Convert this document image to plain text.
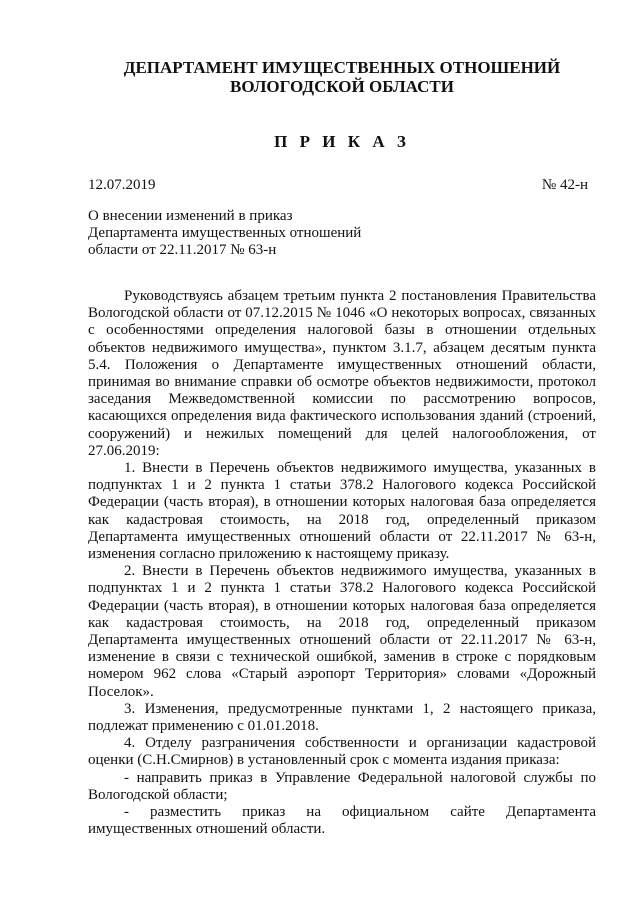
ДЕПАРТАМЕНТ ИМУЩЕСТВЕННЫХ ОТНОШЕНИЙ

ВОЛОГОДСКОЙ ОБЛАСТИ

П Р И К А З
12.07.2019	№ 42-н
О внесении изменений в приказ
Департамента имущественных отношений
области от 22.11.2017 № 63-н

Руководствуясь абзацем третьим пункта 2 постановления Правительства Вологодской области от 07.12.2015 № 1046 «О некоторых вопросах, связанных с особенностями определения налоговой базы в отношении отдельных объектов недвижимого имущества», пунктом 3.1.7, абзацем десятым пункта 5.4. Положения о Департаменте имущественных отношений области, принимая во внимание справки об осмотре объектов недвижимости, протокол заседания Межведомственной комиссии по рассмотрению вопросов, касающихся определения вида фактического использования зданий (строений, сооружений) и нежилых помещений для целей налогообложения, от 27.06.2019:

1. Внести в Перечень объектов недвижимого имущества, указанных в подпунктах 1 и 2 пункта 1 статьи 378.2 Налогового кодекса Российской Федерации (часть вторая), в отношении которых налоговая база определяется как кадастровая стоимость, на 2018 год, определенный приказом Департамента имущественных отношений области от 22.11.2017 № 63-н, изменения согласно приложению к настоящему приказу.

2. Внести в Перечень объектов недвижимого имущества, указанных в подпунктах 1 и 2 пункта 1 статьи 378.2 Налогового кодекса Российской Федерации (часть вторая), в отношении которых налоговая база определяется как кадастровая стоимость, на 2018 год, определенный приказом Департамента имущественных отношений области от 22.11.2017 № 63-н, изменение в связи с технической ошибкой, заменив в строке с порядковым номером 962 слова «Старый аэропорт Территория» словами «Дорожный Поселок».

3. Изменения, предусмотренные пунктами 1, 2 настоящего приказа, подлежат применению с 01.01.2018.

4. Отделу разграничения собственности и организации кадастровой оценки (С.Н.Смирнов) в установленный срок с момента издания приказа:

- направить приказ в Управление Федеральной налоговой службы по Вологодской области;

- разместить приказ на официальном сайте Департамента имущественных отношений области.
